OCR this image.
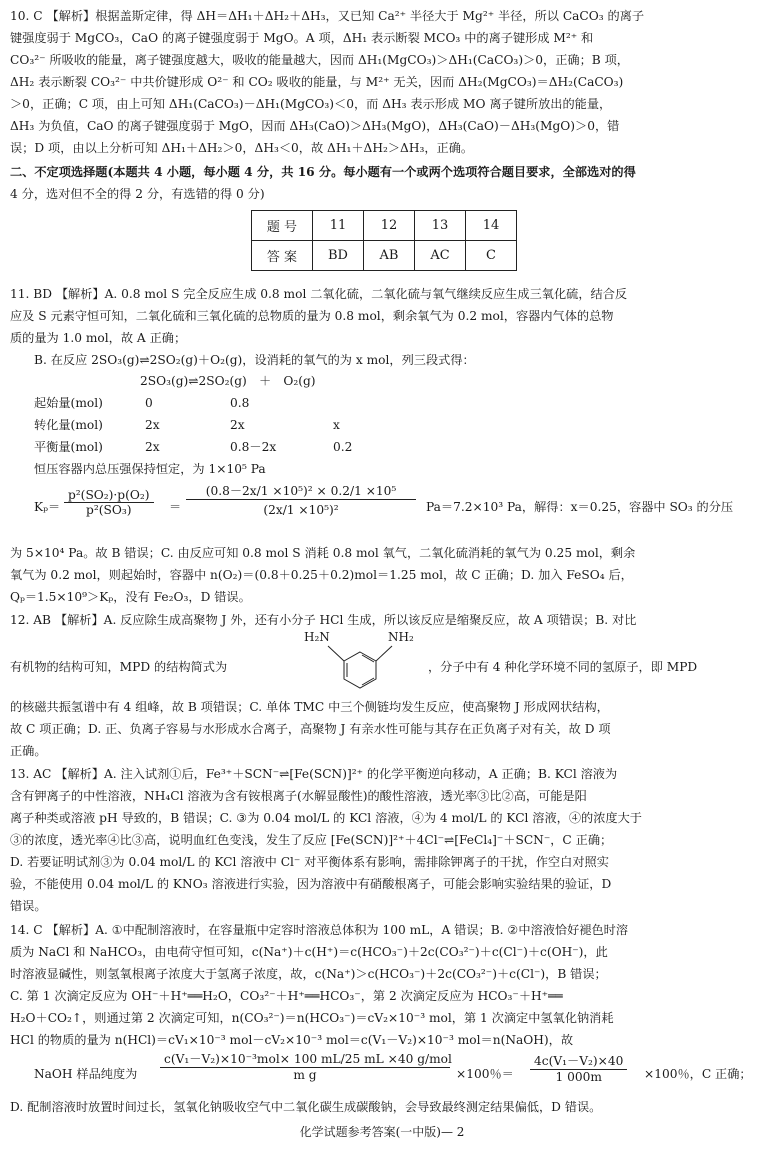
10. C 【解析】根据盖斯定律，得 ΔH＝ΔH₁＋ΔH₂＋ΔH₃，又已知 Ca²⁺ 半径大于 Mg²⁺ 半径，所以 CaCO₃ 的离子
键强度弱于 MgCO₃，CaO 的离子键强度弱于 MgO。A 项，ΔH₁ 表示断裂 MCO₃ 中的离子键形成 M²⁺ 和
CO₃²⁻ 所吸收的能量，离子键强度越大，吸收的能量越大，因而 ΔH₁(MgCO₃)＞ΔH₁(CaCO₃)＞0，正确；B 项，
ΔH₂ 表示断裂 CO₃²⁻ 中共价键形成 O²⁻ 和 CO₂ 吸收的能量，与 M²⁺ 无关，因而 ΔH₂(MgCO₃)＝ΔH₂(CaCO₃)
＞0，正确；C 项，由上可知 ΔH₁(CaCO₃)－ΔH₁(MgCO₃)＜0，而 ΔH₃ 表示形成 MO 离子键所放出的能量，
ΔH₃ 为负值，CaO 的离子键强度弱于 MgO，因而 ΔH₃(CaO)＞ΔH₃(MgO)，ΔH₃(CaO)－ΔH₃(MgO)＞0，错
误；D 项，由以上分析可知 ΔH₁＋ΔH₂＞0，ΔH₃＜0，故 ΔH₁＋ΔH₂＞ΔH₃，正确。
二、不定项选择题(本题共 4 小题，每小题 4 分，共 16 分。每小题有一个或两个选项符合题目要求，全部选对的得
4 分，选对但不全的得 2 分，有选错的得 0 分)
题 号	11	12	13	14
答 案	BD	AB	AC	C
11. BD 【解析】A. 0.8 mol S 完全反应生成 0.8 mol 二氧化硫，二氧化硫与氧气继续反应生成三氧化硫，结合反
应及 S 元素守恒可知，二氧化硫和三氧化硫的总物质的量为 0.8 mol，剩余氧气为 0.2 mol，容器内气体的总物
质的量为 1.0 mol，故 A 正确；
B. 在反应 2SO₃(g)⇌2SO₂(g)＋O₂(g)，设消耗的氧气的为 x mol，列三段式得：
2SO₃(g)⇌2SO₂(g)　＋　O₂(g)
起始量(mol)	0	0.8
转化量(mol)	2x	2x	x
平衡量(mol)	2x	0.8－2x	0.2
恒压容器内总压强保持恒定，为 1×10⁵ Pa
$K_p= \frac{\text{p²(SO₂)·p(O₂)}}{\text{p²(SO₃)}} = \frac{\text{(0.8－2x/1 ×10⁵)² × 0.2/1 ×10⁵}}{\text{(2x/1 ×10⁵)²}} Pa=7.2\times 10^3$ Pa，解得：x＝0.25，容器中 SO₃ 的分压
为 5×10⁴ Pa。故 B 错误；C. 由反应可知 0.8 mol S 消耗 0.8 mol 氧气，二氧化硫消耗的氧气为 0.25 mol，剩余
氧气为 0.2 mol，则起始时，容器中 n(O₂)＝(0.8＋0.25＋0.2)mol＝1.25 mol，故 C 正确；D. 加入 FeSO₄ 后，
Qₚ＝1.5×10⁹＞Kₚ，没有 Fe₂O₃，D 错误。
12. AB 【解析】A. 反应除生成高聚物 J 外，还有小分子 HCl 生成，所以该反应是缩聚反应，故 A 项错误；B. 对比
有机物的结构可知，MPD 的结构简式为
H₂N	NH₂
，分子中有 4 种化学环境不同的氢原子，即 MPD
的核磁共振氢谱中有 4 组峰，故 B 项错误；C. 单体 TMC 中三个侧链均发生反应，使高聚物 J 形成网状结构，
故 C 项正确；D. 正、负离子容易与水形成水合离子，高聚物 J 有亲水性可能与其存在正负离子对有关，故 D 项
正确。
13. AC 【解析】A. 注入试剂①后，Fe³⁺＋SCN⁻⇌[Fe(SCN)]²⁺ 的化学平衡逆向移动，A 正确；B. KCl 溶液为
含有钾离子的中性溶液，NH₄Cl 溶液为含有铵根离子(水解显酸性)的酸性溶液，透光率③比②高，可能是阳
离子种类或溶液 pH 导致的，B 错误；C. ③为 0.04 mol/L 的 KCl 溶液，④为 4 mol/L 的 KCl 溶液，④的浓度大于
③的浓度，透光率④比③高，说明血红色变浅，发生了反应 [Fe(SCN)]²⁺＋4Cl⁻⇌[FeCl₄]⁻＋SCN⁻，C 正确；
D. 若要证明试剂③为 0.04 mol/L 的 KCl 溶液中 Cl⁻ 对平衡体系有影响，需排除钾离子的干扰，作空白对照实
验，不能使用 0.04 mol/L 的 KNO₃ 溶液进行实验，因为溶液中有硝酸根离子，可能会影响实验结果的验证，D
错误。
14. C 【解析】A. ①中配制溶液时，在容量瓶中定容时溶液总体积为 100 mL，A 错误；B. ②中溶液恰好褪色时溶
质为 NaCl 和 NaHCO₃，由电荷守恒可知，c(Na⁺)＋c(H⁺)＝c(HCO₃⁻)＋2c(CO₃²⁻)＋c(Cl⁻)＋c(OH⁻)，此
时溶液显碱性，则氢氧根离子浓度大于氢离子浓度，故，c(Na⁺)＞c(HCO₃⁻)＋2c(CO₃²⁻)＋c(Cl⁻)，B 错误；
C. 第 1 次滴定反应为 OH⁻＋H⁺══H₂O，CO₃²⁻＋H⁺══HCO₃⁻，第 2 次滴定反应为 HCO₃⁻＋H⁺══
H₂O＋CO₂↑，则通过第 2 次滴定可知，n(CO₃²⁻)＝n(HCO₃⁻)＝cV₂×10⁻³ mol，第 1 次滴定中氢氧化钠消耗
HCl 的物质的量为 n(HCl)＝cV₁×10⁻³ mol－cV₂×10⁻³ mol＝c(V₁－V₂)×10⁻³ mol＝n(NaOH)，故
NaOH 样品纯度为
c(V₁－V₂)×10⁻³mol× 100 mL/25 mL ×40 g/mol
m g	×100％＝ $\frac{\text{4c(V₁－V₂)×40}}{1 000m} \times 100$％，C 正确；
D. 配制溶液时放置时间过长，氢氧化钠吸收空气中二氧化碳生成碳酸钠，会导致最终测定结果偏低，D 错误。
化学试题参考答案(一中版)— 2
